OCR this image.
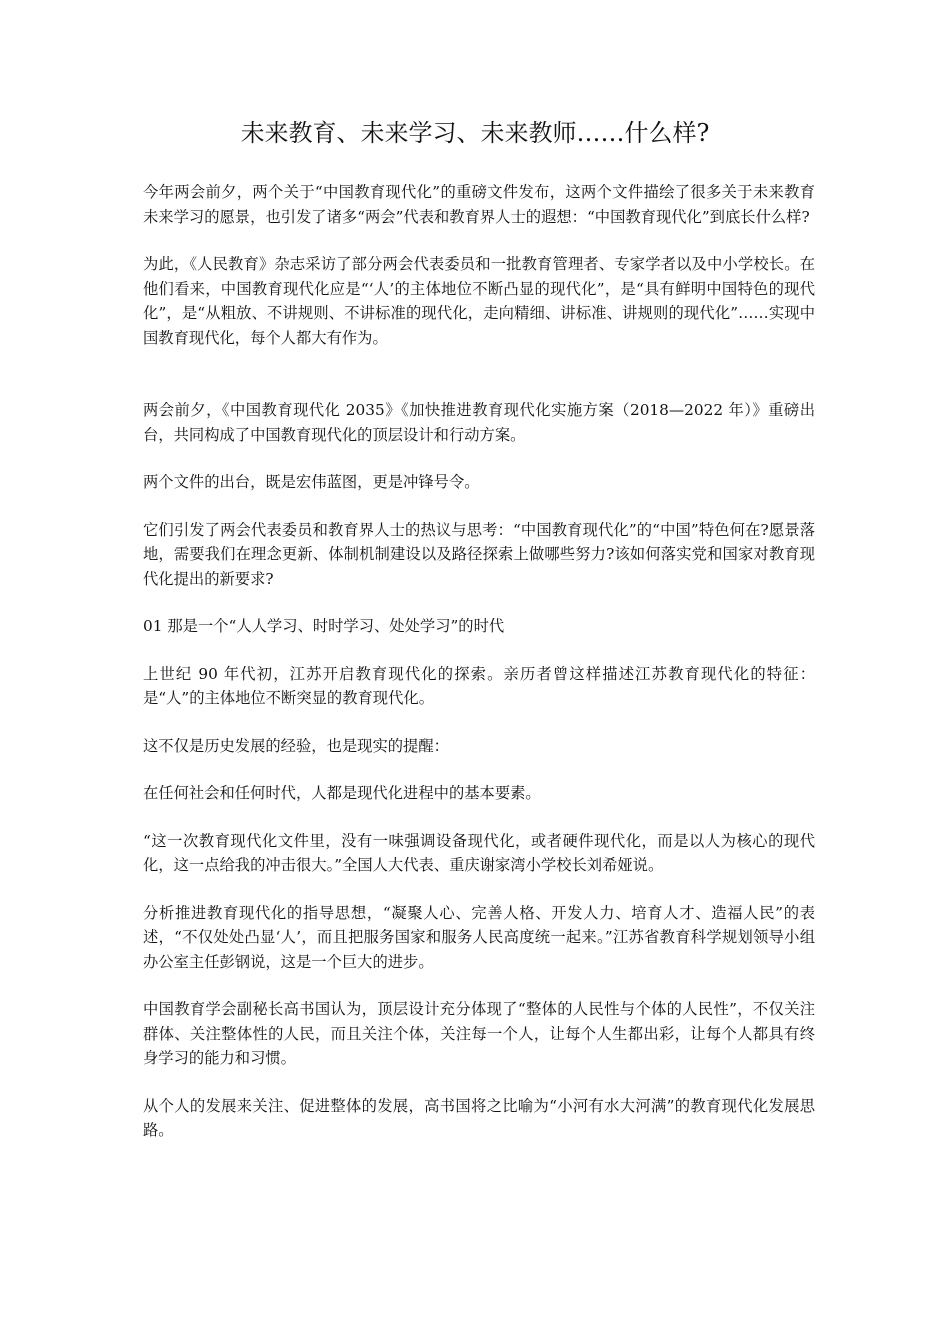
未来教育、未来学习、未来教师……什么样?

今年两会前夕，两个关于“中国教育现代化”的重磅文件发布，这两个文件描绘了很多关于未来教育未来学习的愿景，也引发了诸多“两会”代表和教育界人士的遐想：“中国教育现代化”到底长什么样?

为此，《人民教育》杂志采访了部分两会代表委员和一批教育管理者、专家学者以及中小学校长。在他们看来，中国教育现代化应是“‘人’的主体地位不断凸显的现代化”，是“具有鲜明中国特色的现代化”，是“从粗放、不讲规则、不讲标准的现代化，走向精细、讲标准、讲规则的现代化”……实现中国教育现代化，每个人都大有作为。

两会前夕，《中国教育现代化 2035》《加快推进教育现代化实施方案（2018—2022 年）》重磅出台，共同构成了中国教育现代化的顶层设计和行动方案。

两个文件的出台，既是宏伟蓝图，更是冲锋号令。

它们引发了两会代表委员和教育界人士的热议与思考：“中国教育现代化”的“中国”特色何在?愿景落地，需要我们在理念更新、体制机制建设以及路径探索上做哪些努力?该如何落实党和国家对教育现代化提出的新要求?

01 那是一个“人人学习、时时学习、处处学习”的时代

上世纪 90 年代初，江苏开启教育现代化的探索。亲历者曾这样描述江苏教育现代化的特征：是“人”的主体地位不断突显的教育现代化。

这不仅是历史发展的经验，也是现实的提醒：

在任何社会和任何时代，人都是现代化进程中的基本要素。

“这一次教育现代化文件里，没有一味强调设备现代化，或者硬件现代化，而是以人为核心的现代化，这一点给我的冲击很大。”全国人大代表、重庆谢家湾小学校长刘希娅说。

分析推进教育现代化的指导思想，“凝聚人心、完善人格、开发人力、培育人才、造福人民”的表述，“不仅处处凸显‘人’，而且把服务国家和服务人民高度统一起来。”江苏省教育科学规划领导小组办公室主任彭钢说，这是一个巨大的进步。

中国教育学会副秘长高书国认为，顶层设计充分体现了“整体的人民性与个体的人民性”，不仅关注群体、关注整体性的人民，而且关注个体，关注每一个人，让每个人生都出彩，让每个人都具有终身学习的能力和习惯。

从个人的发展来关注、促进整体的发展，高书国将之比喻为“小河有水大河满”的教育现代化发展思路。
